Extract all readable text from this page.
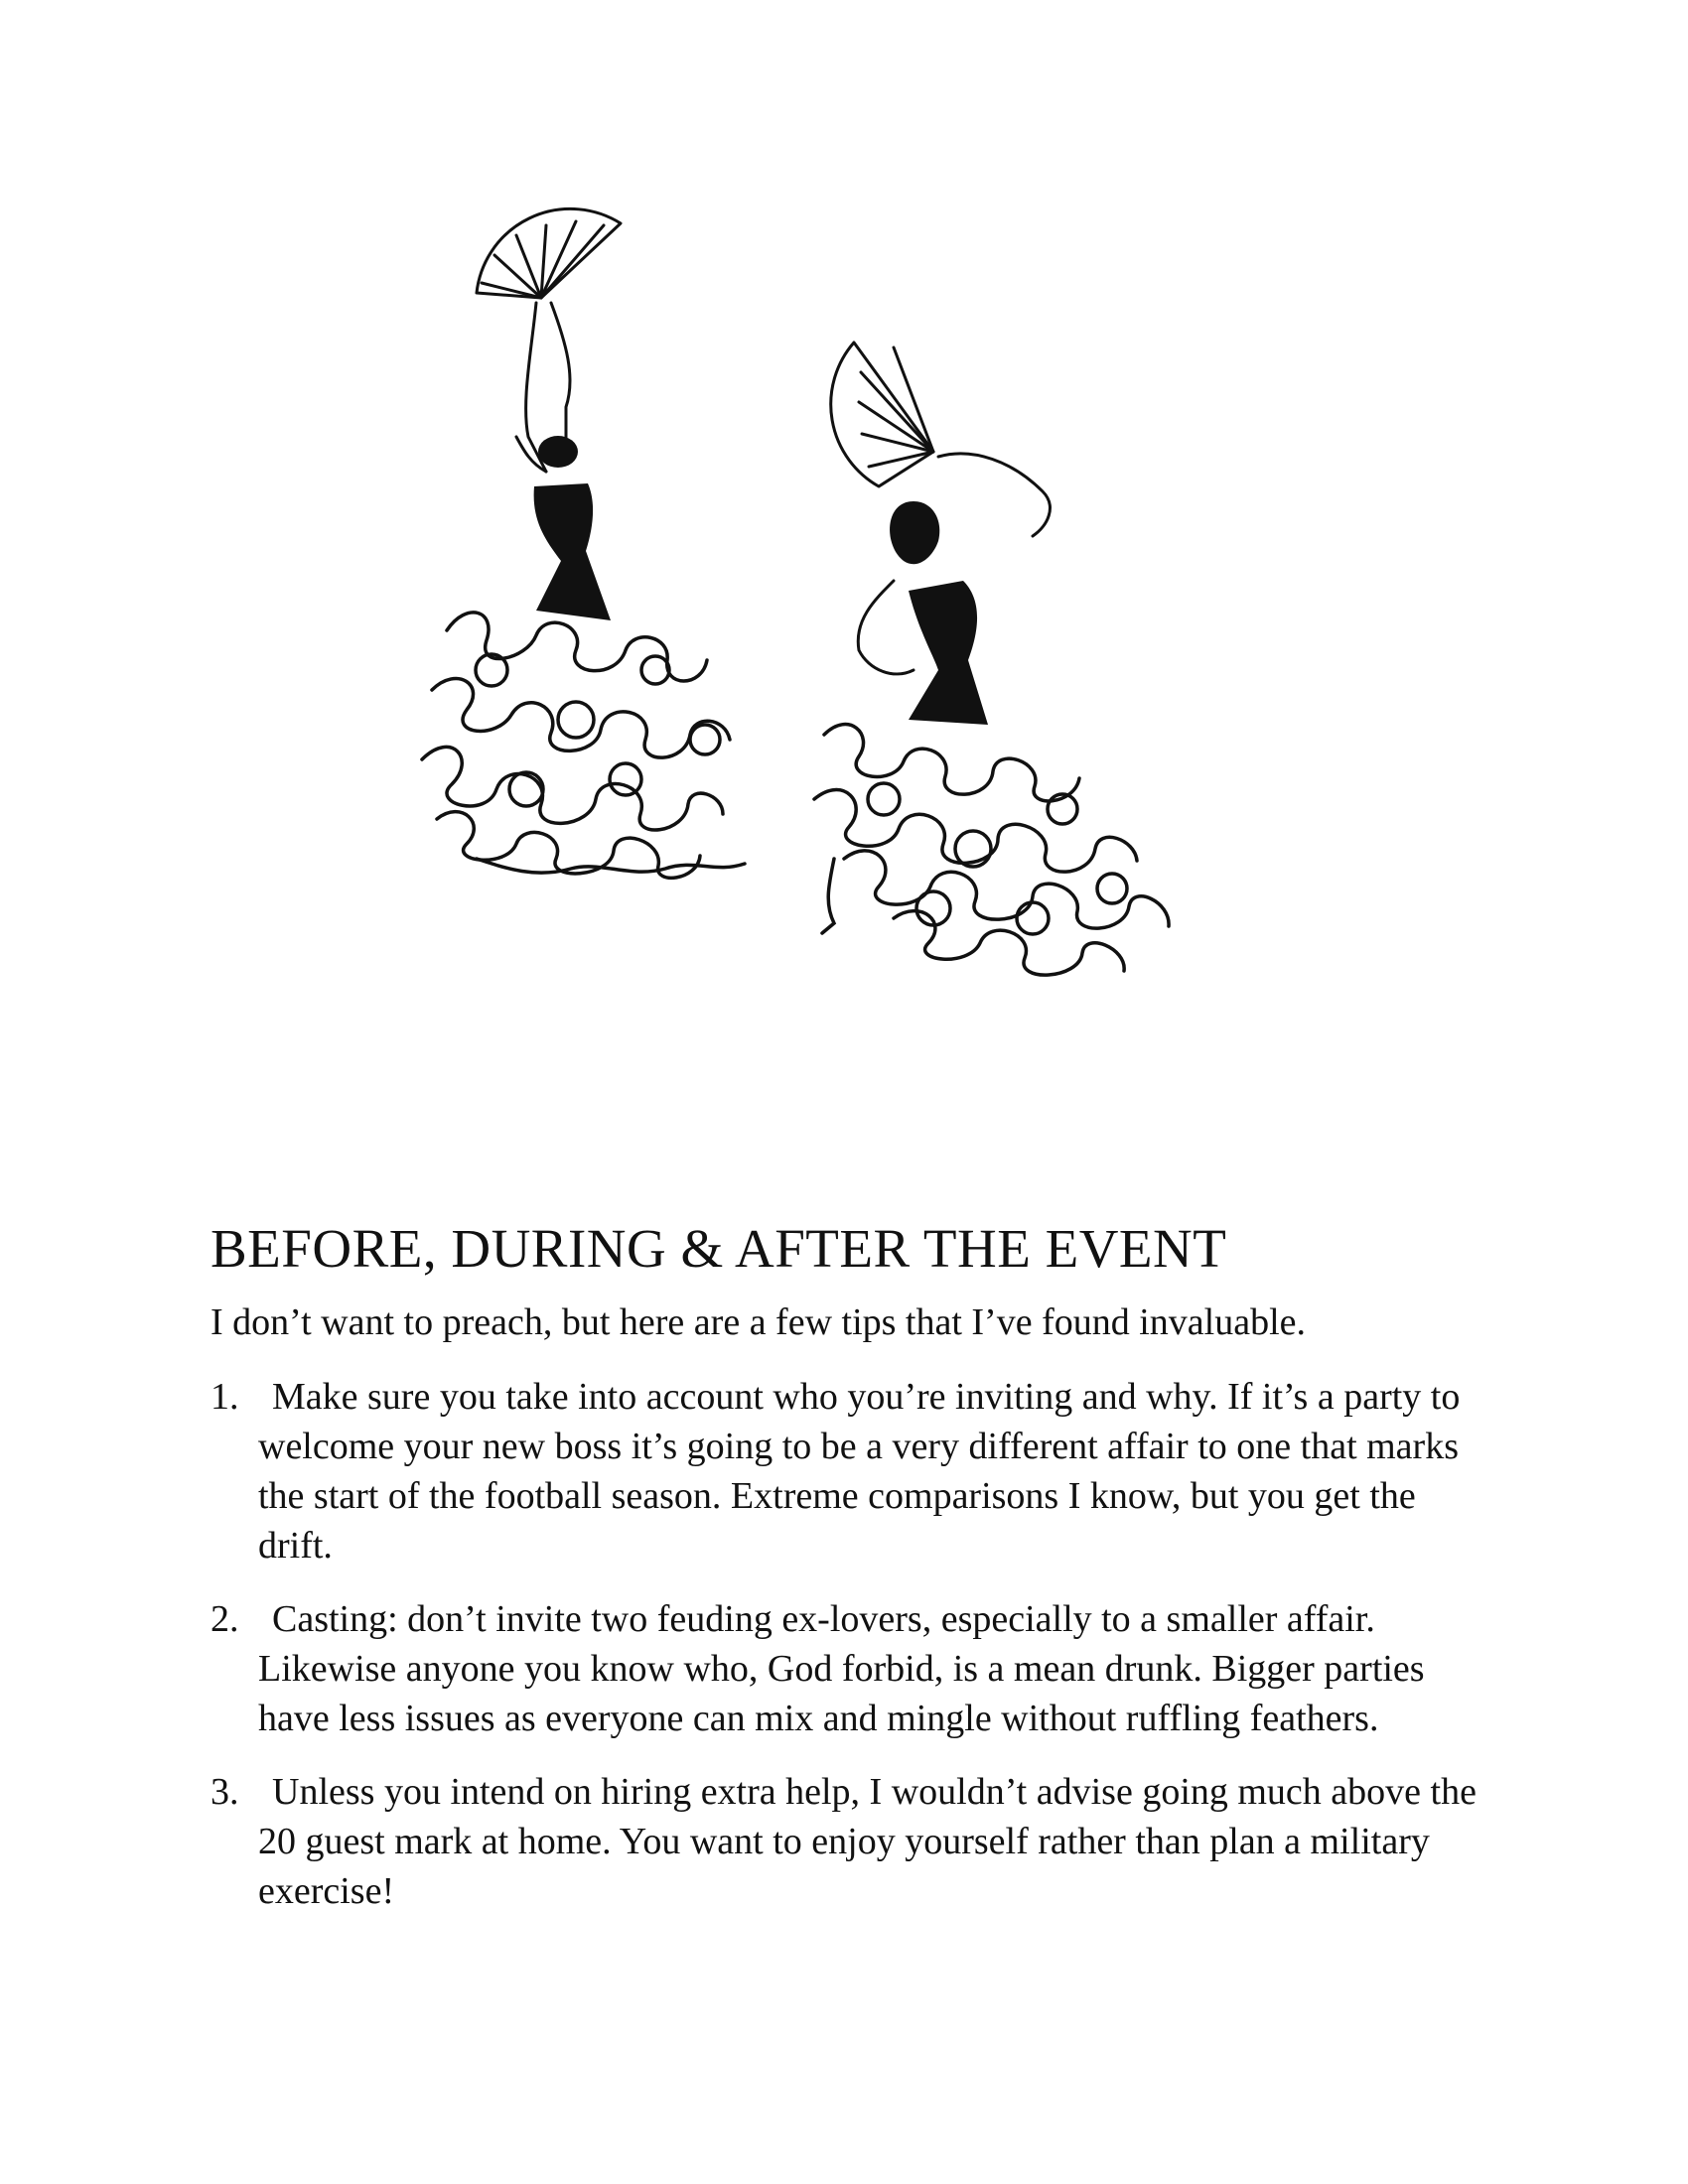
BEFORE, DURING & AFTER THE EVENT

I don’t want to preach, but here are a few tips that I’ve found invaluable.

1. Make sure you take into account who you’re inviting and why. If it’s a party to welcome your new boss it’s going to be a very different affair to one that marks the start of the football season. Extreme comparisons I know, but you get the drift.
2. Casting: don’t invite two feuding ex-lovers, especially to a smaller affair. Likewise anyone you know who, God forbid, is a mean drunk. Bigger parties have less issues as everyone can mix and mingle without ruffling feathers.
3. Unless you intend on hiring extra help, I wouldn’t advise going much above the 20 guest mark at home. You want to enjoy yourself rather than plan a military exercise!
